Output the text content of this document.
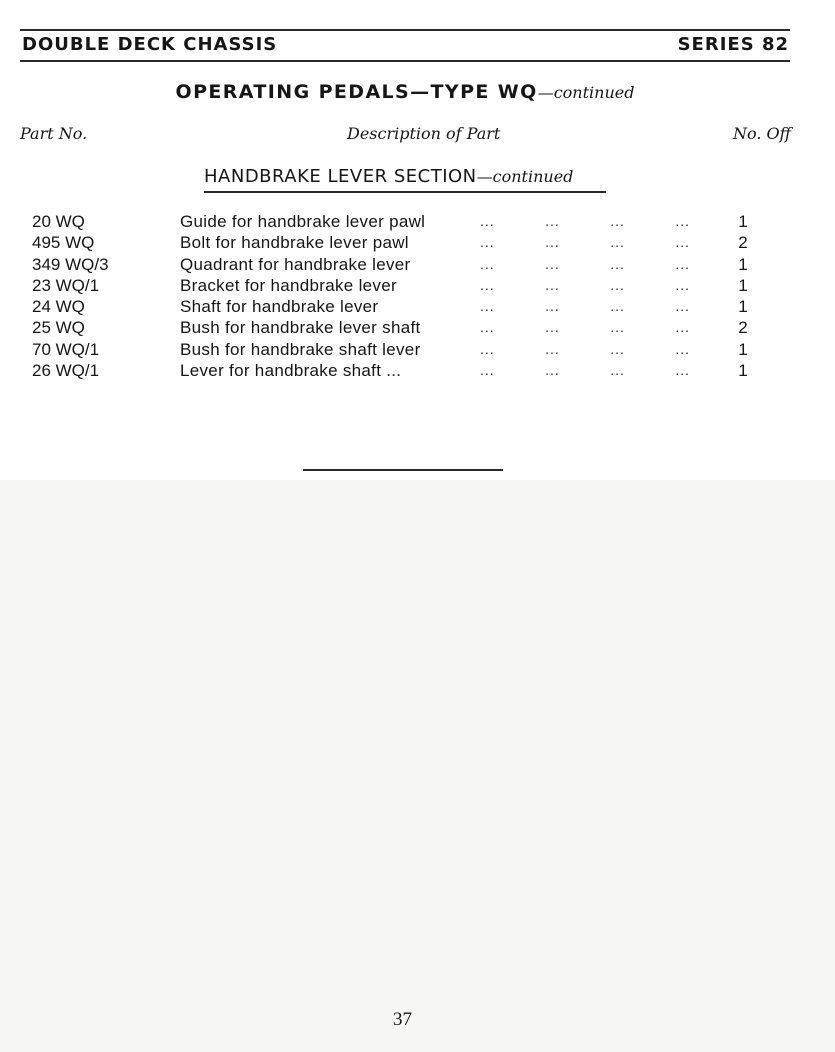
DOUBLE DECK CHASSIS	SERIES 82
OPERATING PEDALS—TYPE WQ—continued
Part No.	Description of Part	No. Off
HANDBRAKE LEVER SECTION—continued
20 WQ	Guide for handbrake lever pawl	...	...	...	...	1
495 WQ	Bolt for handbrake lever pawl	...	...	...	...	2
349 WQ/3	Quadrant for handbrake lever	...	...	...	...	1
23 WQ/1	Bracket for handbrake lever	...	...	...	...	1
24 WQ	Shaft for handbrake lever	...	...	...	...	1
25 WQ	Bush for handbrake lever shaft	...	...	...	...	2
70 WQ/1	Bush for handbrake shaft lever	...	...	...	...	1
26 WQ/1	Lever for handbrake shaft ...	...	...	...	...	1
37
